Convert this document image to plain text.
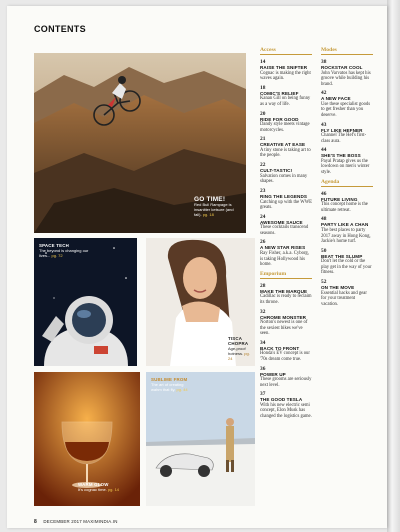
CONTENTS
GO TIME!
Red Bull Rampage is insanitter ketsure (and fall). pg. 18
SPACE TECH
The beyond is changing our lives... pg. 72
TISCA CHOPRA
Age-proof hotness. pg. 24
WARM GLOW
It's cognac time. pg. 14
SUBLIME FROM
The art of creating wahm that fly. pg. 44
Access
14
RAISE THE SNIFTER
Cognac is making the right waves again.
18
COMIC'S RELIEF
Kanan Gill on being funny as a way of life.
20
RIDE FOR GOOD
Dandy style meets vintage motorcycles.
21
CREATIVE AT EASE
A tiny stone is taking art to the people.
22
CULT-TASTIC!
Salvation comes in many shapes.
23
RING THE LEGENDS
Catching up with the WWE greats.
24
AWESOME SAUCE
These cocktails transcend seasons.
26
A NEW STAR RISES
Ray Fisher, a.k.a. Cyborg, is taking Hollywood his home.
Emporium
28
MAKE THE MARQUE
Cadillac is ready to reclaim its throne.
32
CHROME MONSTER
Norton's newest is one of the sexiest bikes we've seen.
34
BACK TO FRONT
Honda's EV concept is our '70s dream come true.
36
POWER UP
These grooms are seriously next level.
37
THE GOOD TESLA
With his new electric semi concept, Elon Musk has changed the logistics game.
Modes
38
ROCKSTAR COOL
John Varvatos has kept his groove while building his brand.
42
A NEW FACE
Use these specialist goods to get fresher than you deserve.
43
FLY LIKE HEFNER
Channel The Hef's first-class aura.
44
SHE'S THE BOSS
Payal Pratap gives us the lowdown on men's winter style.
Agenda
46
FUTURE LIVING
This concept home is the ultimate retreat.
48
PARTY LIKE A CHAN
The best places to party 2017 away in Hong Kong, Jackie's home turf.
50
BEAT THE SLUMP
Don't let the cold or the play get in the way of your fitness.
52
ON THE MOVE
Essential hacks and gear for your treatment vacation.
8 DECEMBER 2017 MAXIMINDIA.IN
